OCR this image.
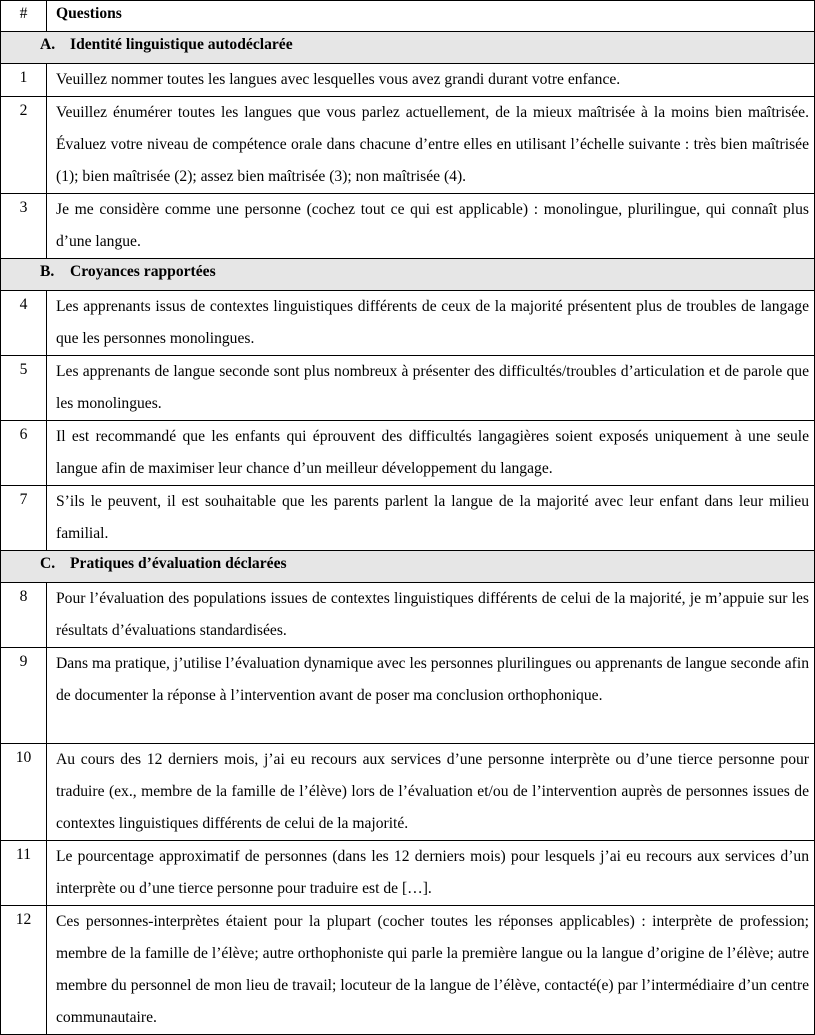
#	Questions
A. Identité linguistique autodéclarée	
1	Veuillez nommer toutes les langues avec lesquelles vous avez grandi durant votre enfance.
2	Veuillez énumérer toutes les langues que vous parlez actuellement, de la mieux maîtrisée à la moins bien maîtrisée. Évaluez votre niveau de compétence orale dans chacune d’entre elles en utilisant l’échelle suivante : très bien maîtrisée (1); bien maîtrisée (2); assez bien maîtrisée (3); non maîtrisée (4).
3	Je me considère comme une personne (cochez tout ce qui est applicable) : monolingue, plurilingue, qui connaît plus d’une langue.
B. Croyances rapportées	
4	Les apprenants issus de contextes linguistiques différents de ceux de la majorité présentent plus de troubles de langage que les personnes monolingues.
5	Les apprenants de langue seconde sont plus nombreux à présenter des difficultés/troubles d’articulation et de parole que les monolingues.
6	Il est recommandé que les enfants qui éprouvent des difficultés langagières soient exposés uniquement à une seule langue afin de maximiser leur chance d’un meilleur développement du langage.
7	S’ils le peuvent, il est souhaitable que les parents parlent la langue de la majorité avec leur enfant dans leur milieu familial.
C. Pratiques d’évaluation déclarées	
8	Pour l’évaluation des populations issues de contextes linguistiques différents de celui de la majorité, je m’appuie sur les résultats d’évaluations standardisées.
9	Dans ma pratique, j’utilise l’évaluation dynamique avec les personnes plurilingues ou apprenants de langue seconde afin de documenter la réponse à l’intervention avant de poser ma conclusion orthophonique.
10	Au cours des 12 derniers mois, j’ai eu recours aux services d’une personne interprète ou d’une tierce personne pour traduire (ex., membre de la famille de l’élève) lors de l’évaluation et/ou de l’intervention auprès de personnes issues de contextes linguistiques différents de celui de la majorité.
11	Le pourcentage approximatif de personnes (dans les 12 derniers mois) pour lesquels j’ai eu recours aux services d’un interprète ou d’une tierce personne pour traduire est de […].
12	Ces personnes-interprètes étaient pour la plupart (cocher toutes les réponses applicables) : interprète de profession; membre de la famille de l’élève; autre orthophoniste qui parle la première langue ou la langue d’origine de l’élève; autre membre du personnel de mon lieu de travail; locuteur de la langue de l’élève, contacté(e) par l’intermédiaire d’un centre communautaire.
